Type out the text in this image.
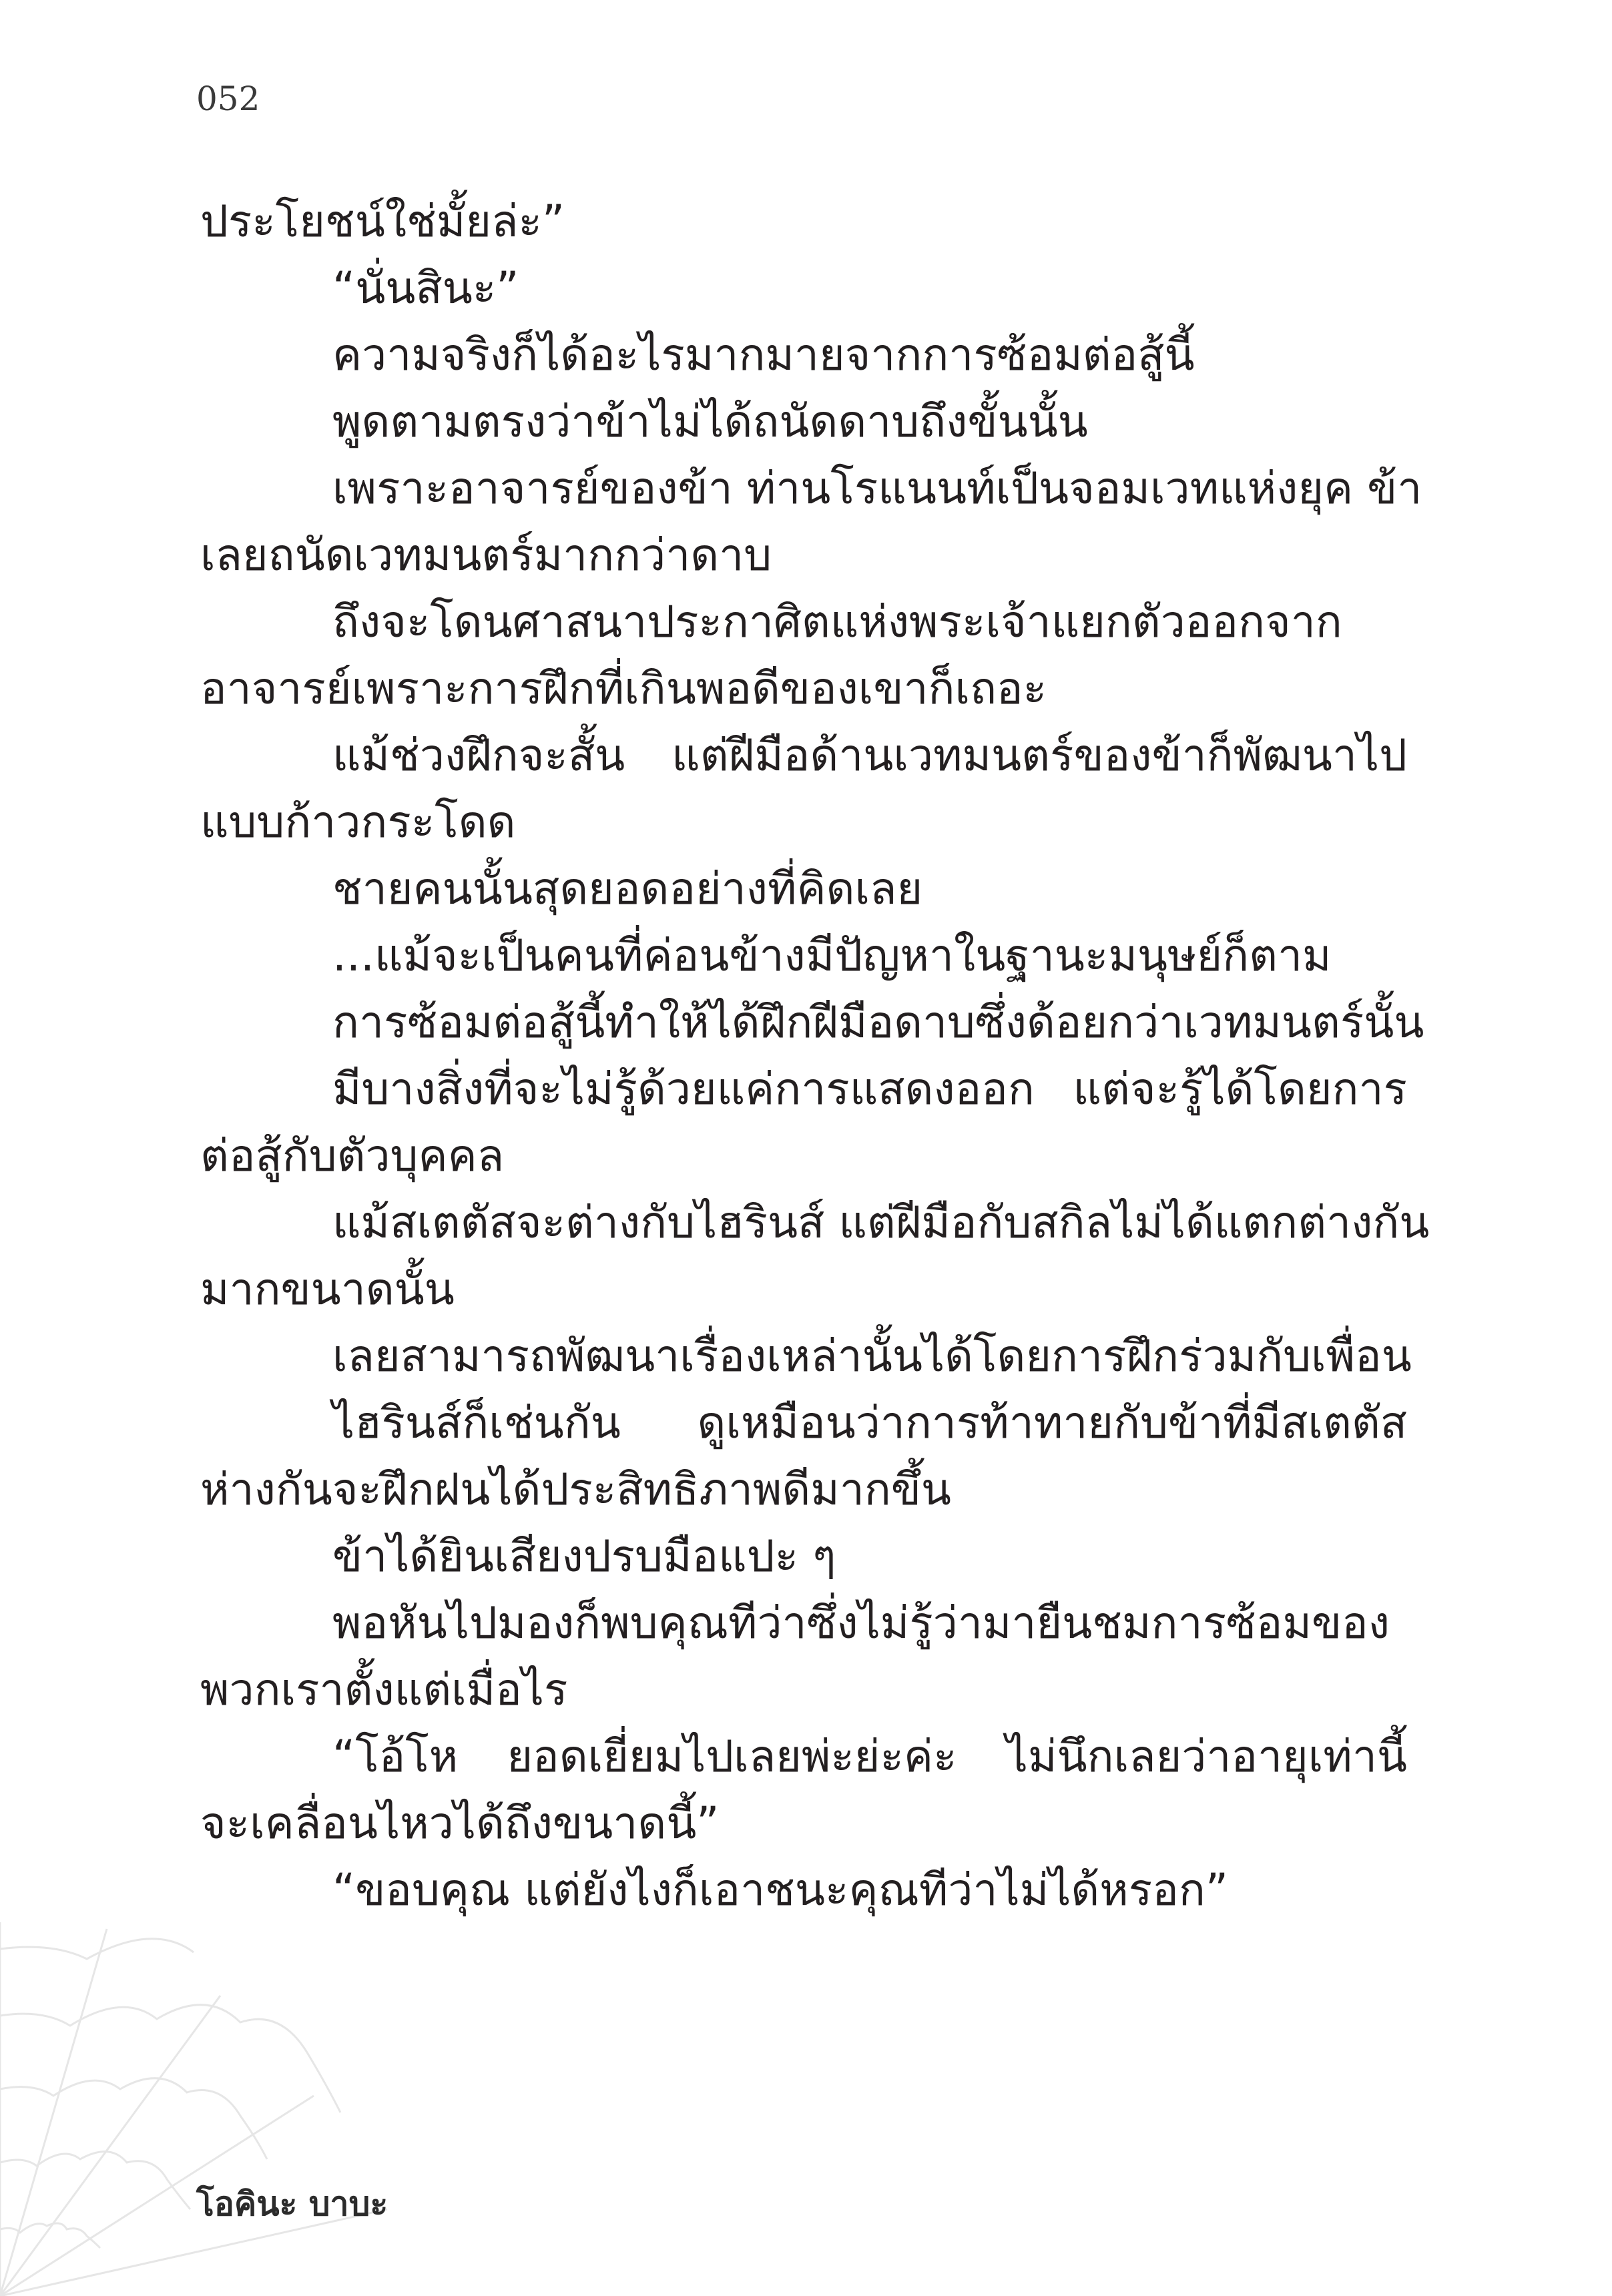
052
ประโยชน์ใช่มั้ยล่ะ”
“นั่นสินะ”
ความจริงก็ได้อะไรมากมายจากการซ้อมต่อสู้นี้
พูดตามตรงว่าข้าไม่ได้ถนัดดาบถึงขั้นนั้น
เพราะอาจารย์ของข้า ท่านโรแนนท์เป็นจอมเวทแห่งยุค ข้า
เลยถนัดเวทมนตร์มากกว่าดาบ
ถึงจะโดนศาสนาประกาศิตแห่งพระเจ้าแยกตัวออกจาก
อาจารย์เพราะการฝึกที่เกินพอดีของเขาก็เถอะ
แม้ช่วงฝึกจะสั้น แต่ฝีมือด้านเวทมนตร์ของข้าก็พัฒนาไป
แบบก้าวกระโดด
ชายคนนั้นสุดยอดอย่างที่คิดเลย
...แม้จะเป็นคนที่ค่อนข้างมีปัญหาในฐานะมนุษย์ก็ตาม
การซ้อมต่อสู้นี้ทำให้ได้ฝึกฝีมือดาบซึ่งด้อยกว่าเวทมนตร์นั้น
มีบางสิ่งที่จะไม่รู้ด้วยแค่การแสดงออก แต่จะรู้ได้โดยการ
ต่อสู้กับตัวบุคคล
แม้สเตตัสจะต่างกับไฮรินส์ แต่ฝีมือกับสกิลไม่ได้แตกต่างกัน
มากขนาดนั้น
เลยสามารถพัฒนาเรื่องเหล่านั้นได้โดยการฝึกร่วมกับเพื่อน
ไฮรินส์ก็เช่นกัน ดูเหมือนว่าการท้าทายกับข้าที่มีสเตตัส
ห่างกันจะฝึกฝนได้ประสิทธิภาพดีมากขึ้น
ข้าได้ยินเสียงปรบมือแปะ ๆ
พอหันไปมองก็พบคุณทีว่าซึ่งไม่รู้ว่ามายืนชมการซ้อมของ
พวกเราตั้งแต่เมื่อไร
“โอ้โห ยอดเยี่ยมไปเลยพ่ะย่ะค่ะ ไม่นึกเลยว่าอายุเท่านี้
จะเคลื่อนไหวได้ถึงขนาดนี้”
“ขอบคุณ แต่ยังไงก็เอาชนะคุณทีว่าไม่ได้หรอก”
โอคินะ บาบะ
